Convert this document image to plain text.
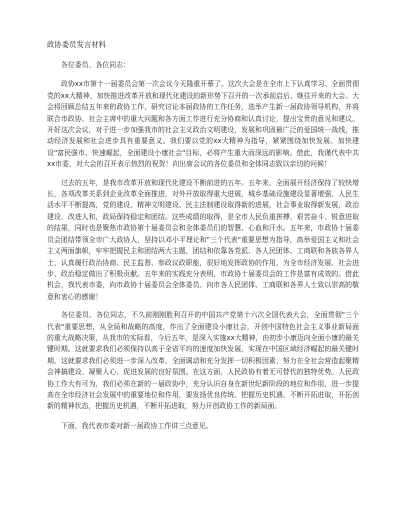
政协委员发言材料

各位委员、各位同志：

政协xx市第十一届委员会第一次会议今天隆重开幕了。这次大会是在全市上下认真学习、全面贯彻党的xx大精神，加快推进改革开放和现代化建设的新形势下召开的一次承前启后、继往开来的大会。大会将回顾总结五年来的政协工作，研究讨论本届政协的工作任务，选举产生新一届政协领导机构，并将联合市政协、社会主席中的重大问题和各方面工作进行充分协商和认真讨论，提出宝贵的意见和建议。开好这次会议，对于进一步加强我市的社会主义政治文明建设，发展和巩固最广泛的爱国统一战线，推动经济发展和社会进步具有重要意义。我们要以党的xx大精神为指导，紧紧围绕加快发展、加快建设"富民强市、快速崛起，全面建设小康社会"目标，必将产生重大而深远的影响。借此，我谨代表中共xx市委，对大会的召开表示热烈的祝贺！向出席会议的各位委员和全体同志致以亲切的问候！

过去的五年，是我市改革开放和现代化建设不断前进的五年。五年来，全面展开经济保持了较快增长，各项改革关系到企业改革全面推进，对外开放取得重大进展，城乡基础设施建设显著增强，人民生活水平不断提高，党的建设、精神文明建设、民主法制建设取得新的进展，社会事业取得新发展，政治建设、改进人和，政局保持稳定和团结。这些成绩的取得，是全市人民负重拼搏、艰苦奋斗、锐意进取的结果，同时也是聚焦市政协第十届委员会和全体委员们的智慧、心血和汗水。五年来，市政协十届委员会团结带领全市广大政协人，坚持以邓小平理论和"三个代表"重要思想为指导，高举爱国主义和社会主义两面旗帜，牢牢把握民主和团结两大主题，团结和依靠各党派、各人民团体、工商联和各族各界人士，认真履行政治协商、民主监督、参政议政职能，很好地发挥政协的作用，为全市经济发展、社会进步、政治稳定做出了积极贡献。五年来的实践充分表明，市政协十届委员会的工作是富有成效的。借此机会，我代表市委，向市政协十届委员会全体委员、向市各人民团体、工商联和各界人士致以崇高的敬意和衷心的感谢！

各位委员、各位同志，不久前刚刚胜利召开的中国共产党第十六次全国代表大会，全面贯彻"三个代表"重要思想，从全局和战略的高度，作出了全面建设小康社会，开创中国特色社会主义事业新局面的重大战略决策，从我市的实际看，今后五年，是深入实施xx大精神，由初步小康迈向全面小康的最关键时期。这就要求我们必须保持以高于全省平均的速度加快发展，实现在中国区域经济崛起的最关键时期，这就要求我们必须进一步深入改革，全面调动和充分发挥一切积极因素，努力在全社会营造起聚精会神搞建设、凝聚人心、促进发展的良好氛围。在这方面，人民政协有着无可替代的独特优势。人民政协工作大有可为，我们必须在新的一届政协中，充分认识自身在新世纪新阶段的地位和作用，进一步提高在全市经济社会发展中的重要地位和作用，要发扬优良传统、把握历史机遇、不断开拓进取，开拓创新的精神状态，把握历史机遇，不断开拓进取，努力开创政协工作的新局面。

下面，我代表市委对新一届政协工作讲三点意见。
